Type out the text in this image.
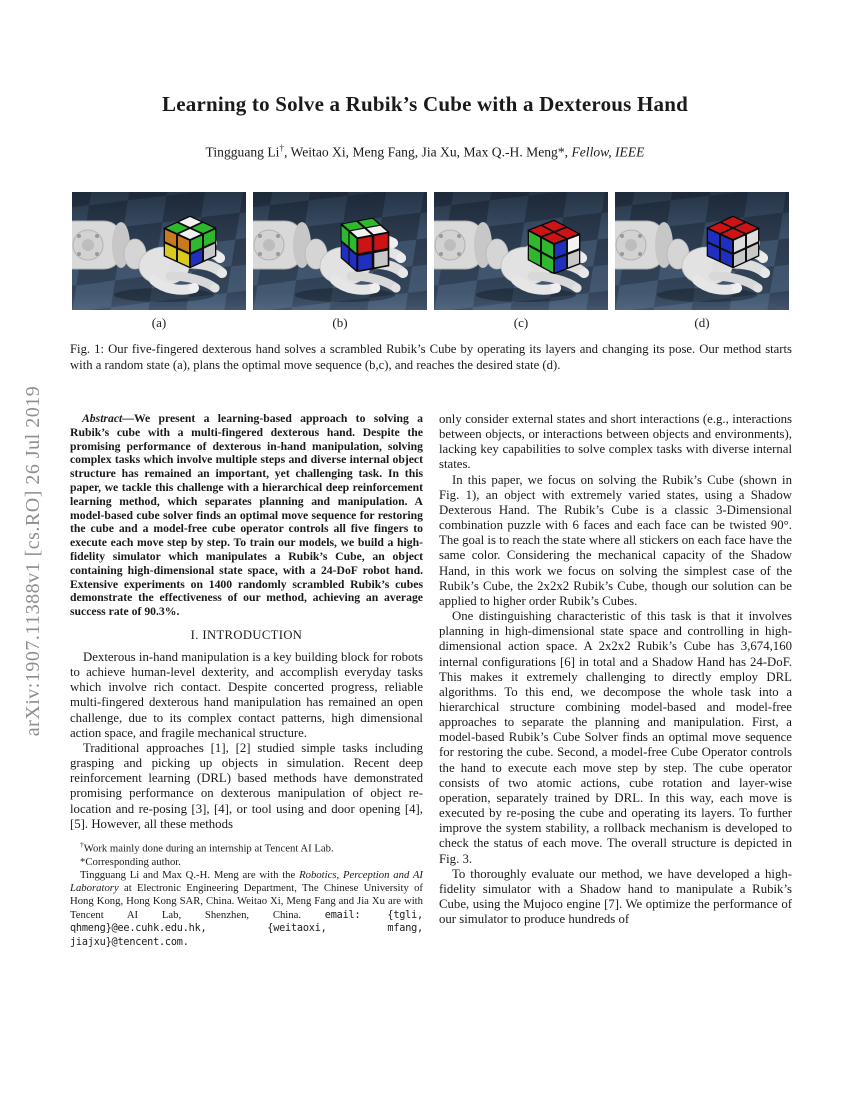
arXiv:1907.11388v1 [cs.RO] 26 Jul 2019
Learning to Solve a Rubik’s Cube with a Dexterous Hand
Tingguang Li†, Weitao Xi, Meng Fang, Jia Xu, Max Q.-H. Meng*, Fellow, IEEE
(a)	(b)	(c)	(d)
Fig. 1: Our five-fingered dexterous hand solves a scrambled Rubik’s Cube by operating its layers and changing its pose. Our method starts with a random state (a), plans the optimal move sequence (b,c), and reaches the desired state (d).

Abstract—We present a learning-based approach to solving a Rubik’s cube with a multi-fingered dexterous hand. Despite the promising performance of dexterous in-hand manipulation, solving complex tasks which involve multiple steps and diverse internal object structure has remained an important, yet challenging task. In this paper, we tackle this challenge with a hierarchical deep reinforcement learning method, which separates planning and manipulation. A model-based cube solver finds an optimal move sequence for restoring the cube and a model-free cube operator controls all five fingers to execute each move step by step. To train our models, we build a high-fidelity simulator which manipulates a Rubik’s Cube, an object containing high-dimensional state space, with a 24-DoF robot hand. Extensive experiments on 1400 randomly scrambled Rubik’s cubes demonstrate the effectiveness of our method, achieving an average success rate of 90.3%.

I. INTRODUCTION

Dexterous in-hand manipulation is a key building block for robots to achieve human-level dexterity, and accomplish everyday tasks which involve rich contact. Despite concerted progress, reliable multi-fingered dexterous hand manipulation has remained an open challenge, due to its complex contact patterns, high dimensional action space, and fragile mechanical structure.

Traditional approaches [1], [2] studied simple tasks including grasping and picking up objects in simulation. Recent deep reinforcement learning (DRL) based methods have demonstrated promising performance on dexterous manipulation of object re-location and re-posing [3], [4], or tool using and door opening [4], [5]. However, all these methods

†Work mainly done during an internship at Tencent AI Lab.

*Corresponding author.

Tingguang Li and Max Q.-H. Meng are with the Robotics, Perception and AI Laboratory at Electronic Engineering Department, The Chinese University of Hong Kong, Hong Kong SAR, China. Weitao Xi, Meng Fang and Jia Xu are with Tencent AI Lab, Shenzhen, China. email: {tgli, qhmeng}@ee.cuhk.edu.hk, {weitaoxi, mfang, jiajxu}@tencent.com.

only consider external states and short interactions (e.g., interactions between objects, or interactions between objects and environments), lacking key capabilities to solve complex tasks with diverse internal states.

In this paper, we focus on solving the Rubik’s Cube (shown in Fig. 1), an object with extremely varied states, using a Shadow Dexterous Hand. The Rubik’s Cube is a classic 3-Dimensional combination puzzle with 6 faces and each face can be twisted 90°. The goal is to reach the state where all stickers on each face have the same color. Considering the mechanical capacity of the Shadow Hand, in this work we focus on solving the simplest case of the Rubik’s Cube, the 2x2x2 Rubik’s Cube, though our solution can be applied to higher order Rubik’s Cubes.

One distinguishing characteristic of this task is that it involves planning in high-dimensional state space and controlling in high-dimensional action space. A 2x2x2 Rubik’s Cube has 3,674,160 internal configurations [6] in total and a Shadow Hand has 24-DoF. This makes it extremely challenging to directly employ DRL algorithms. To this end, we decompose the whole task into a hierarchical structure combining model-based and model-free approaches to separate the planning and manipulation. First, a model-based Rubik’s Cube Solver finds an optimal move sequence for restoring the cube. Second, a model-free Cube Operator controls the hand to execute each move step by step. The cube operator consists of two atomic actions, cube rotation and layer-wise operation, separately trained by DRL. In this way, each move is executed by re-posing the cube and operating its layers. To further improve the system stability, a rollback mechanism is developed to check the status of each move. The overall structure is depicted in Fig. 3.

To thoroughly evaluate our method, we have developed a high-fidelity simulator with a Shadow hand to manipulate a Rubik’s Cube, using the Mujoco engine [7]. We optimize the performance of our simulator to produce hundreds of
